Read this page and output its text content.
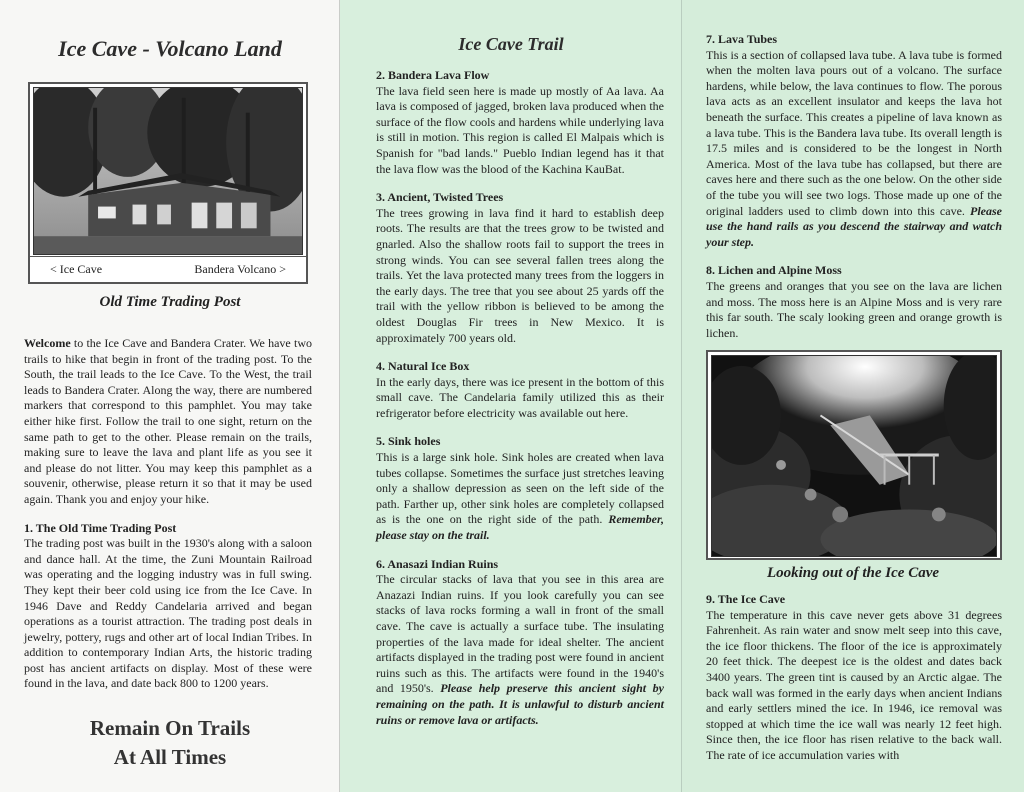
Ice Cave - Volcano Land
< Ice Cave	Bandera Volcano >
Old Time Trading Post

Welcome to the Ice Cave and Bandera Crater. We have two trails to hike that begin in front of the trading post. To the South, the trail leads to the Ice Cave. To the West, the trail leads to Bandera Crater. Along the way, there are numbered markers that correspond to this pamphlet. You may take either hike first. Follow the trail to one sight, return on the same path to get to the other. Please remain on the trails, making sure to leave the lava and plant life as you see it and please do not litter. You may keep this pamphlet as a souvenir, otherwise, please return it so that it may be used again. Thank you and enjoy your hike.

1. The Old Time Trading Post

The trading post was built in the 1930's along with a saloon and dance hall. At the time, the Zuni Mountain Railroad was operating and the logging industry was in full swing. They kept their beer cold using ice from the Ice Cave. In 1946 Dave and Reddy Candelaria arrived and began operations as a tourist attraction. The trading post deals in jewelry, pottery, rugs and other art of local Indian Tribes. In addition to contemporary Indian Arts, the historic trading post has ancient artifacts on display. Most of these were found in the lava, and date back 800 to 1200 years.

Remain On Trails
At All Times
Ice Cave Trail
2. Bandera Lava Flow

The lava field seen here is made up mostly of Aa lava. Aa lava is composed of jagged, broken lava produced when the surface of the flow cools and hardens while underlying lava is still in motion. This region is called El Malpais which is Spanish for "bad lands." Pueblo Indian legend has it that the lava flow was the blood of the Kachina KauBat.

3. Ancient, Twisted Trees

The trees growing in lava find it hard to establish deep roots. The results are that the trees grow to be twisted and gnarled. Also the shallow roots fail to support the trees in strong winds. You can see several fallen trees along the trails. Yet the lava protected many trees from the loggers in the early days. The tree that you see about 25 yards off the trail with the yellow ribbon is believed to be among the oldest Douglas Fir trees in New Mexico. It is approximately 700 years old.

4. Natural Ice Box

In the early days, there was ice present in the bottom of this small cave. The Candelaria family utilized this as their refrigerator before electricity was available out here.

5. Sink holes

This is a large sink hole. Sink holes are created when lava tubes collapse. Sometimes the surface just stretches leaving only a shallow depression as seen on the left side of the path. Farther up, other sink holes are completely collapsed as is the one on the right side of the path. Remember, please stay on the trail.

6. Anasazi Indian Ruins

The circular stacks of lava that you see in this area are Anazazi Indian ruins. If you look carefully you can see stacks of lava rocks forming a wall in front of the small cave. The cave is actually a surface tube. The insulating properties of the lava made for ideal shelter. The ancient artifacts displayed in the trading post were found in ancient ruins such as this. The artifacts were found in the 1940's and 1950's. Please help preserve this ancient sight by remaining on the path. It is unlawful to disturb ancient ruins or remove lava or artifacts.

7. Lava Tubes

This is a section of collapsed lava tube. A lava tube is formed when the molten lava pours out of a volcano. The surface hardens, while below, the lava continues to flow. The porous lava acts as an excellent insulator and keeps the lava hot beneath the surface. This creates a pipeline of lava known as a lava tube. This is the Bandera lava tube. Its overall length is 17.5 miles and is considered to be the longest in North America. Most of the lava tube has collapsed, but there are caves here and there such as the one below. On the other side of the tube you will see two logs. Those made up one of the original ladders used to climb down into this cave. Please use the hand rails as you descend the stairway and watch your step.

8. Lichen and Alpine Moss

The greens and oranges that you see on the lava are lichen and moss. The moss here is an Alpine Moss and is very rare this far south. The scaly looking green and orange growth is lichen.

Looking out of the Ice Cave
9. The Ice Cave

The temperature in this cave never gets above 31 degrees Fahrenheit. As rain water and snow melt seep into this cave, the ice floor thickens. The floor of the ice is approximately 20 feet thick. The deepest ice is the oldest and dates back 3400 years. The green tint is caused by an Arctic algae. The back wall was formed in the early days when ancient Indians and early settlers mined the ice. In 1946, ice removal was stopped at which time the ice wall was nearly 12 feet high. Since then, the ice floor has risen relative to the back wall. The rate of ice accumulation varies with
